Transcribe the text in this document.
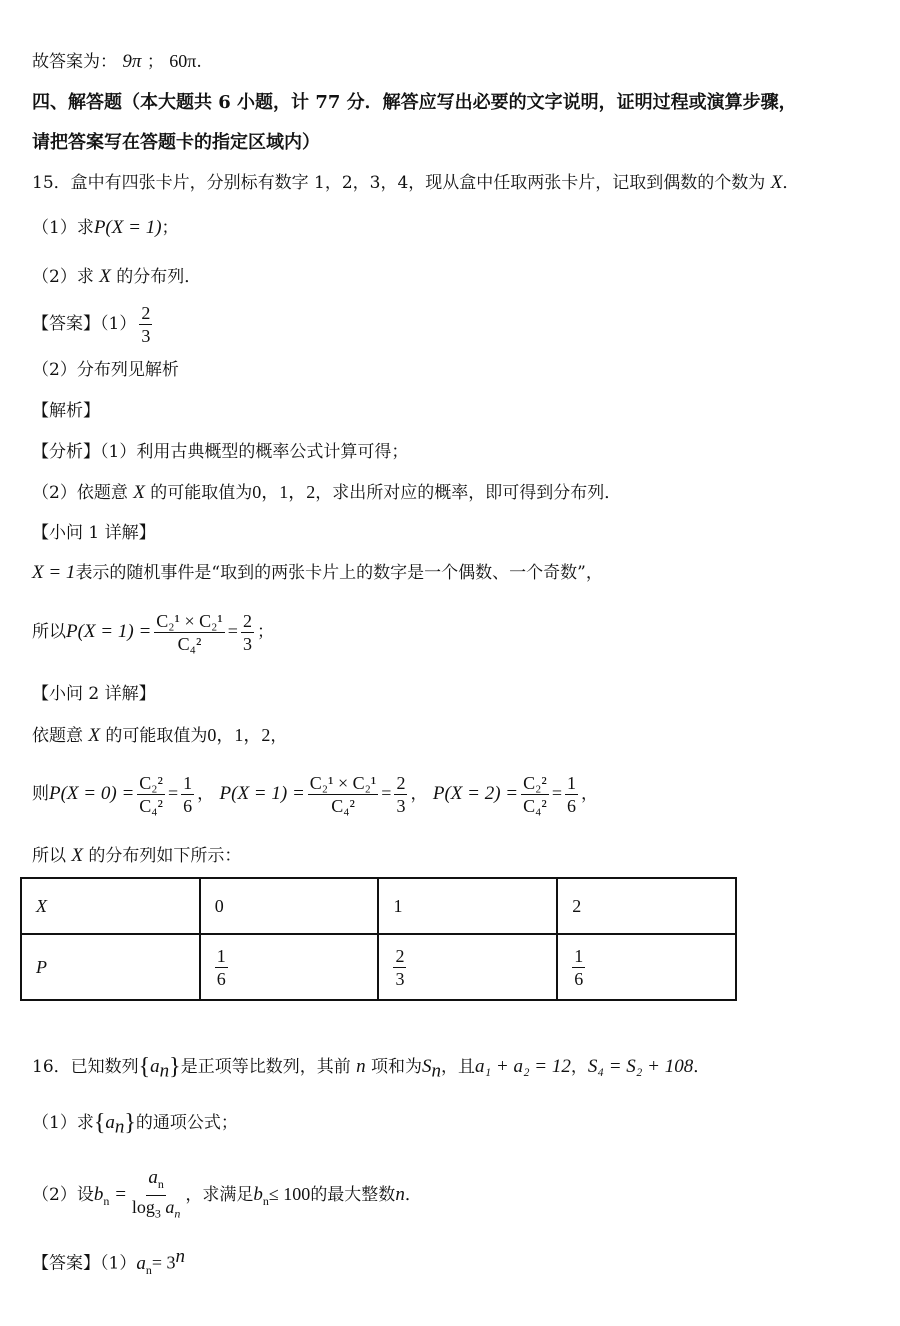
故答案为： 9π ； 60π.
四、解答题（本大题共 6 小题，计 77 分．解答应写出必要的文字说明，证明过程或演算步骤，
请把答案写在答题卡的指定区域内）
15．盒中有四张卡片，分别标有数字 1，2，3，4，现从盒中任取两张卡片，记取到偶数的个数为 X．
（1）求P(X = 1)；
（2）求 X 的分布列．
【答案】$(1) \frac{2}{3}$
（2）分布列见解析
【解析】
【分析】（1）利用古典概型的概率公式计算可得；
（2）依题意 X 的可能取值为0，1，2，求出所对应的概率，即可得到分布列．
【小问 1 详解】
X = 1表示的随机事件是“取到的两张卡片上的数字是一个偶数、一个奇数”，
所以$P(X = 1) = \frac{\text{C₂¹ × C₂¹}}{\text{C₄²}} = \frac{2}{3}$ ；
【小问 2 详解】
依题意 X 的可能取值为0，1，2，
则$P(X = 0) = \frac{\text{C₂²}}{\text{C₄²}} = \frac{1}{6}$ ， $P(X = 1) = \frac{\text{C₂¹ × C₂¹}}{\text{C₄²}} = \frac{2}{3}$ ， $P(X = 2) = \frac{\text{C₂²}}{\text{C₄²}} = \frac{1}{6}$ ，
所以 X 的分布列如下所示：
X	0	1	2
P	$\frac{1}{6}$	$\frac{2}{3}$	$\frac{1}{6}$
16．已知数列$\{a_n\}$是正项等比数列，其前 n 项和为$S_n$，且a₁ + a₂ = 12，S₄ = S₂ + 108．
（1）求$\{a_n\}$的通项公式；
（2）设$b_n = \frac{a_n}{\log_3 a_n}$ ，求满足$b_n\le 100$的最大整数n．
【答案】$(1)a_n= 3^n$
